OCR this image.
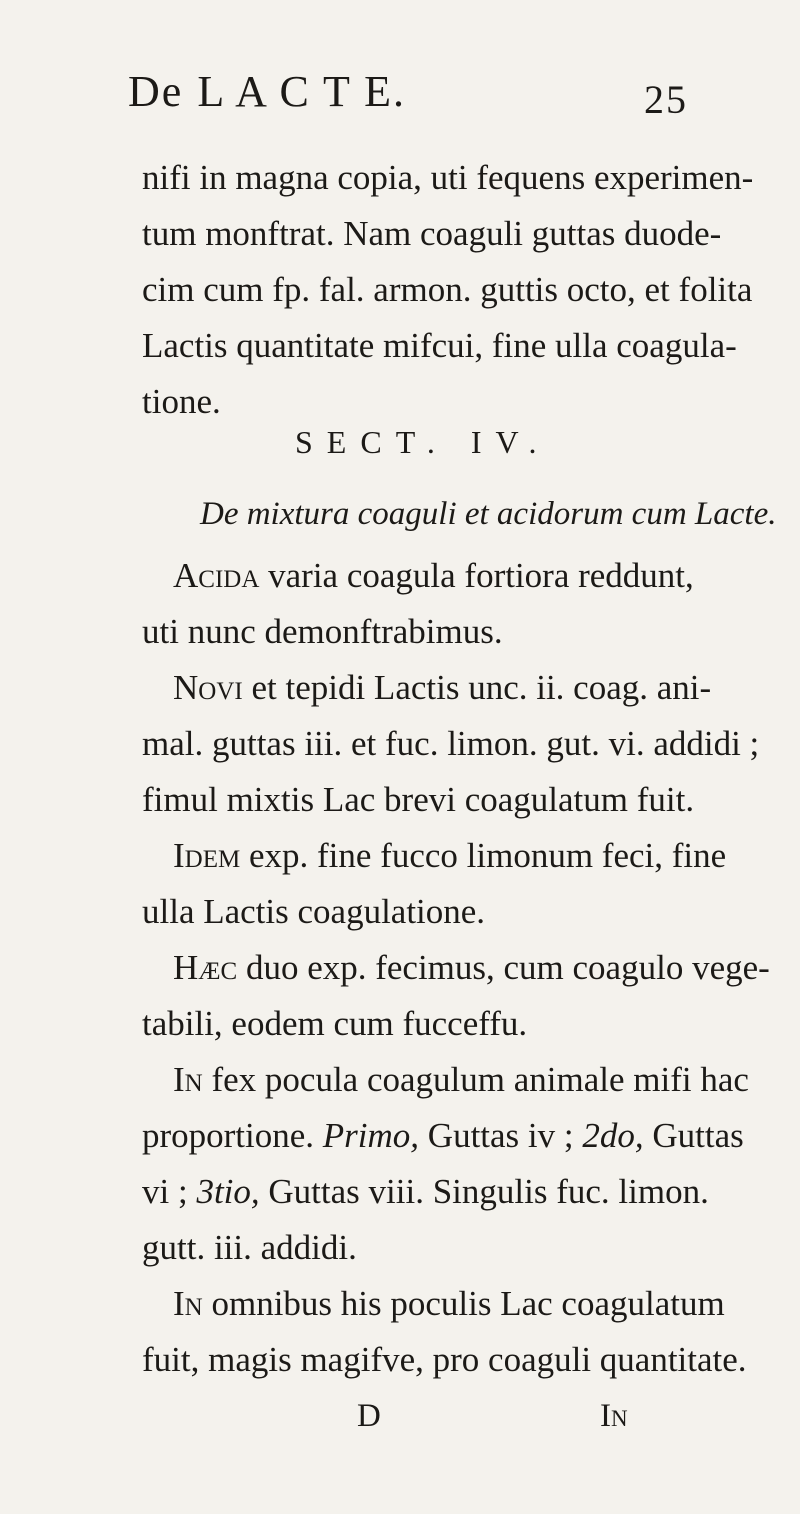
De L A C T E.	25
nifi in magna copia, uti fequens experimen-
tum monftrat. Nam coaguli guttas duode-
cim cum fp. fal. armon. guttis octo, et folita
Lactis quantitate mifcui, fine ulla coagula-
tione.
SECT. IV.
De mixtura coaguli et acidorum cum Lacte.
Acida varia coagula fortiora reddunt,
uti nunc demonftrabimus.
Novi et tepidi Lactis unc. ii. coag. ani-
mal. guttas iii. et fuc. limon. gut. vi. addidi ;
fimul mixtis Lac brevi coagulatum fuit.
Idem exp. fine fucco limonum feci, fine
ulla Lactis coagulatione.
Hæc duo exp. fecimus, cum coagulo vege-
tabili, eodem cum fucceffu.
In fex pocula coagulum animale mifi hac
proportione. Primo, Guttas iv ; 2do, Guttas
vi ; 3tio, Guttas viii. Singulis fuc. limon.
gutt. iii. addidi.
In omnibus his poculis Lac coagulatum
fuit, magis magifve, pro coaguli quantitate.
D	In
